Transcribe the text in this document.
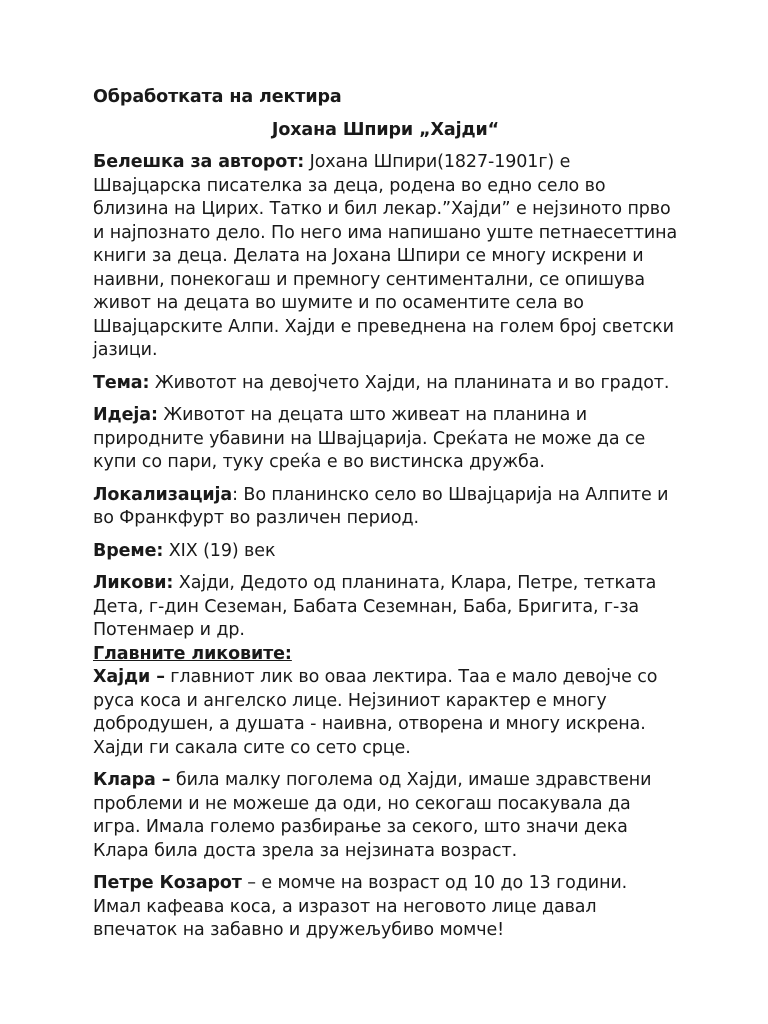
Обработката на лектира

Јохана Шпири „Хајди“

Белешка за авторот: Јохана Шпири(1827-1901г) е Швајцарска писателка за деца, родена во едно село во близина на Цирих. Татко и бил лекар.”Хајди” е нејзиното прво и најпознато дело. По него има напишано уште петнаесеттина книги за деца. Делата на Јохана Шпири се многу искрени и наивни, понекогаш и премногу сентиментални, се опишува живот на децата во шумите и по осаментите села во Швајцарските Алпи. Хајди е преведнена на голем број светски јазици.

Тема: Животот на девојчето Хајди, на планината и во градот.

Идеја: Животот на децата што живеат на планина и природните убавини на Швајцарија. Среќата не може да се купи со пари, туку среќа е во вистинска дружба.

Локализација: Во планинско село во Швајцарија на Алпите и во Франкфурт во различен период.

Време: XIX (19) век

Ликови: Хајди, Дедото од планината, Клара, Петре, тетката Дета, г-дин Сеземан, Бабата Сеземнан, Баба, Бригита, г-за Потенмаер и др.

Главните ликовите:

Хајди – главниот лик во оваа лектира. Таа е мало девојче со руса коса и ангелско лице. Нејзиниот карактер е многу добродушен, а душата - наивна, отворена и многу искрена. Хајди ги сакала сите со сето срце.

Клара – била малку поголема од Хајди, имаше здравствени проблеми и не можеше да оди, но секогаш посакувала да игра. Имала големо разбирање за секого, што значи дека Клара била доста зрела за нејзината возраст.

Петре Козарот – е момче на возраст од 10 до 13 години. Имал кафеава коса, а изразот на неговото лице давал впечаток на забавно и дружељубиво момче!
